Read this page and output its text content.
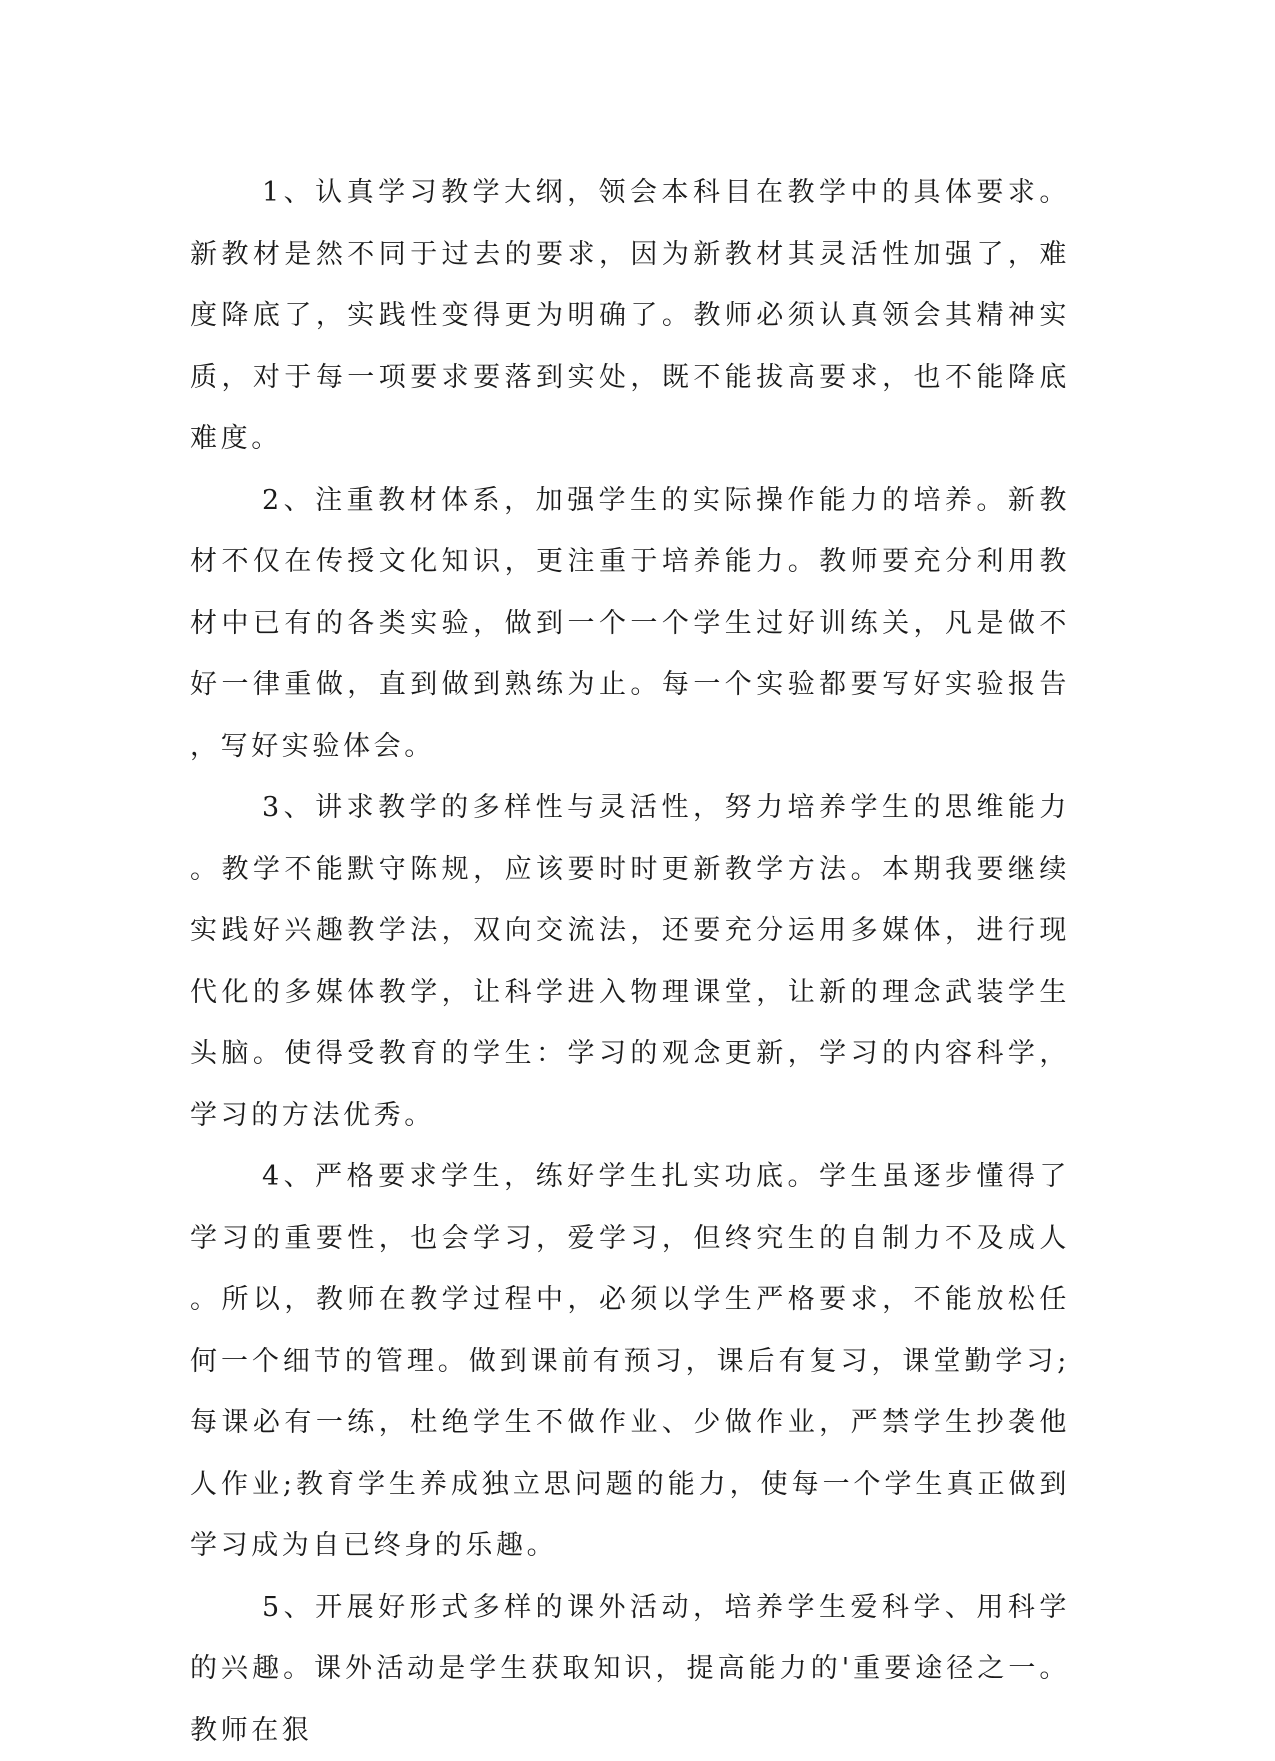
1、认真学习教学大纲，领会本科目在教学中的具体要求。新教材是然不同于过去的要求，因为新教材其灵活性加强了，难度降底了，实践性变得更为明确了。教师必须认真领会其精神实质，对于每一项要求要落到实处，既不能拔高要求，也不能降底难度。

2、注重教材体系，加强学生的实际操作能力的培养。新教材不仅在传授文化知识，更注重于培养能力。教师要充分利用教材中已有的各类实验，做到一个一个学生过好训练关，凡是做不好一律重做，直到做到熟练为止。每一个实验都要写好实验报告，写好实验体会。

3、讲求教学的多样性与灵活性，努力培养学生的思维能力。教学不能默守陈规，应该要时时更新教学方法。本期我要继续实践好兴趣教学法，双向交流法，还要充分运用多媒体，进行现代化的多媒体教学，让科学进入物理课堂，让新的理念武装学生头脑。使得受教育的学生：学习的观念更新，学习的内容科学，学习的方法优秀。

4、严格要求学生，练好学生扎实功底。学生虽逐步懂得了学习的重要性，也会学习，爱学习，但终究生的自制力不及成人。所以，教师在教学过程中，必须以学生严格要求，不能放松任何一个细节的管理。做到课前有预习，课后有复习，课堂勤学习;每课必有一练，杜绝学生不做作业、少做作业，严禁学生抄袭他人作业;教育学生养成独立思问题的能力，使每一个学生真正做到学习成为自已终身的乐趣。

5、开展好形式多样的课外活动，培养学生爱科学、用科学的兴趣。课外活动是学生获取知识，提高能力的'重要途径之一。教师在狠
